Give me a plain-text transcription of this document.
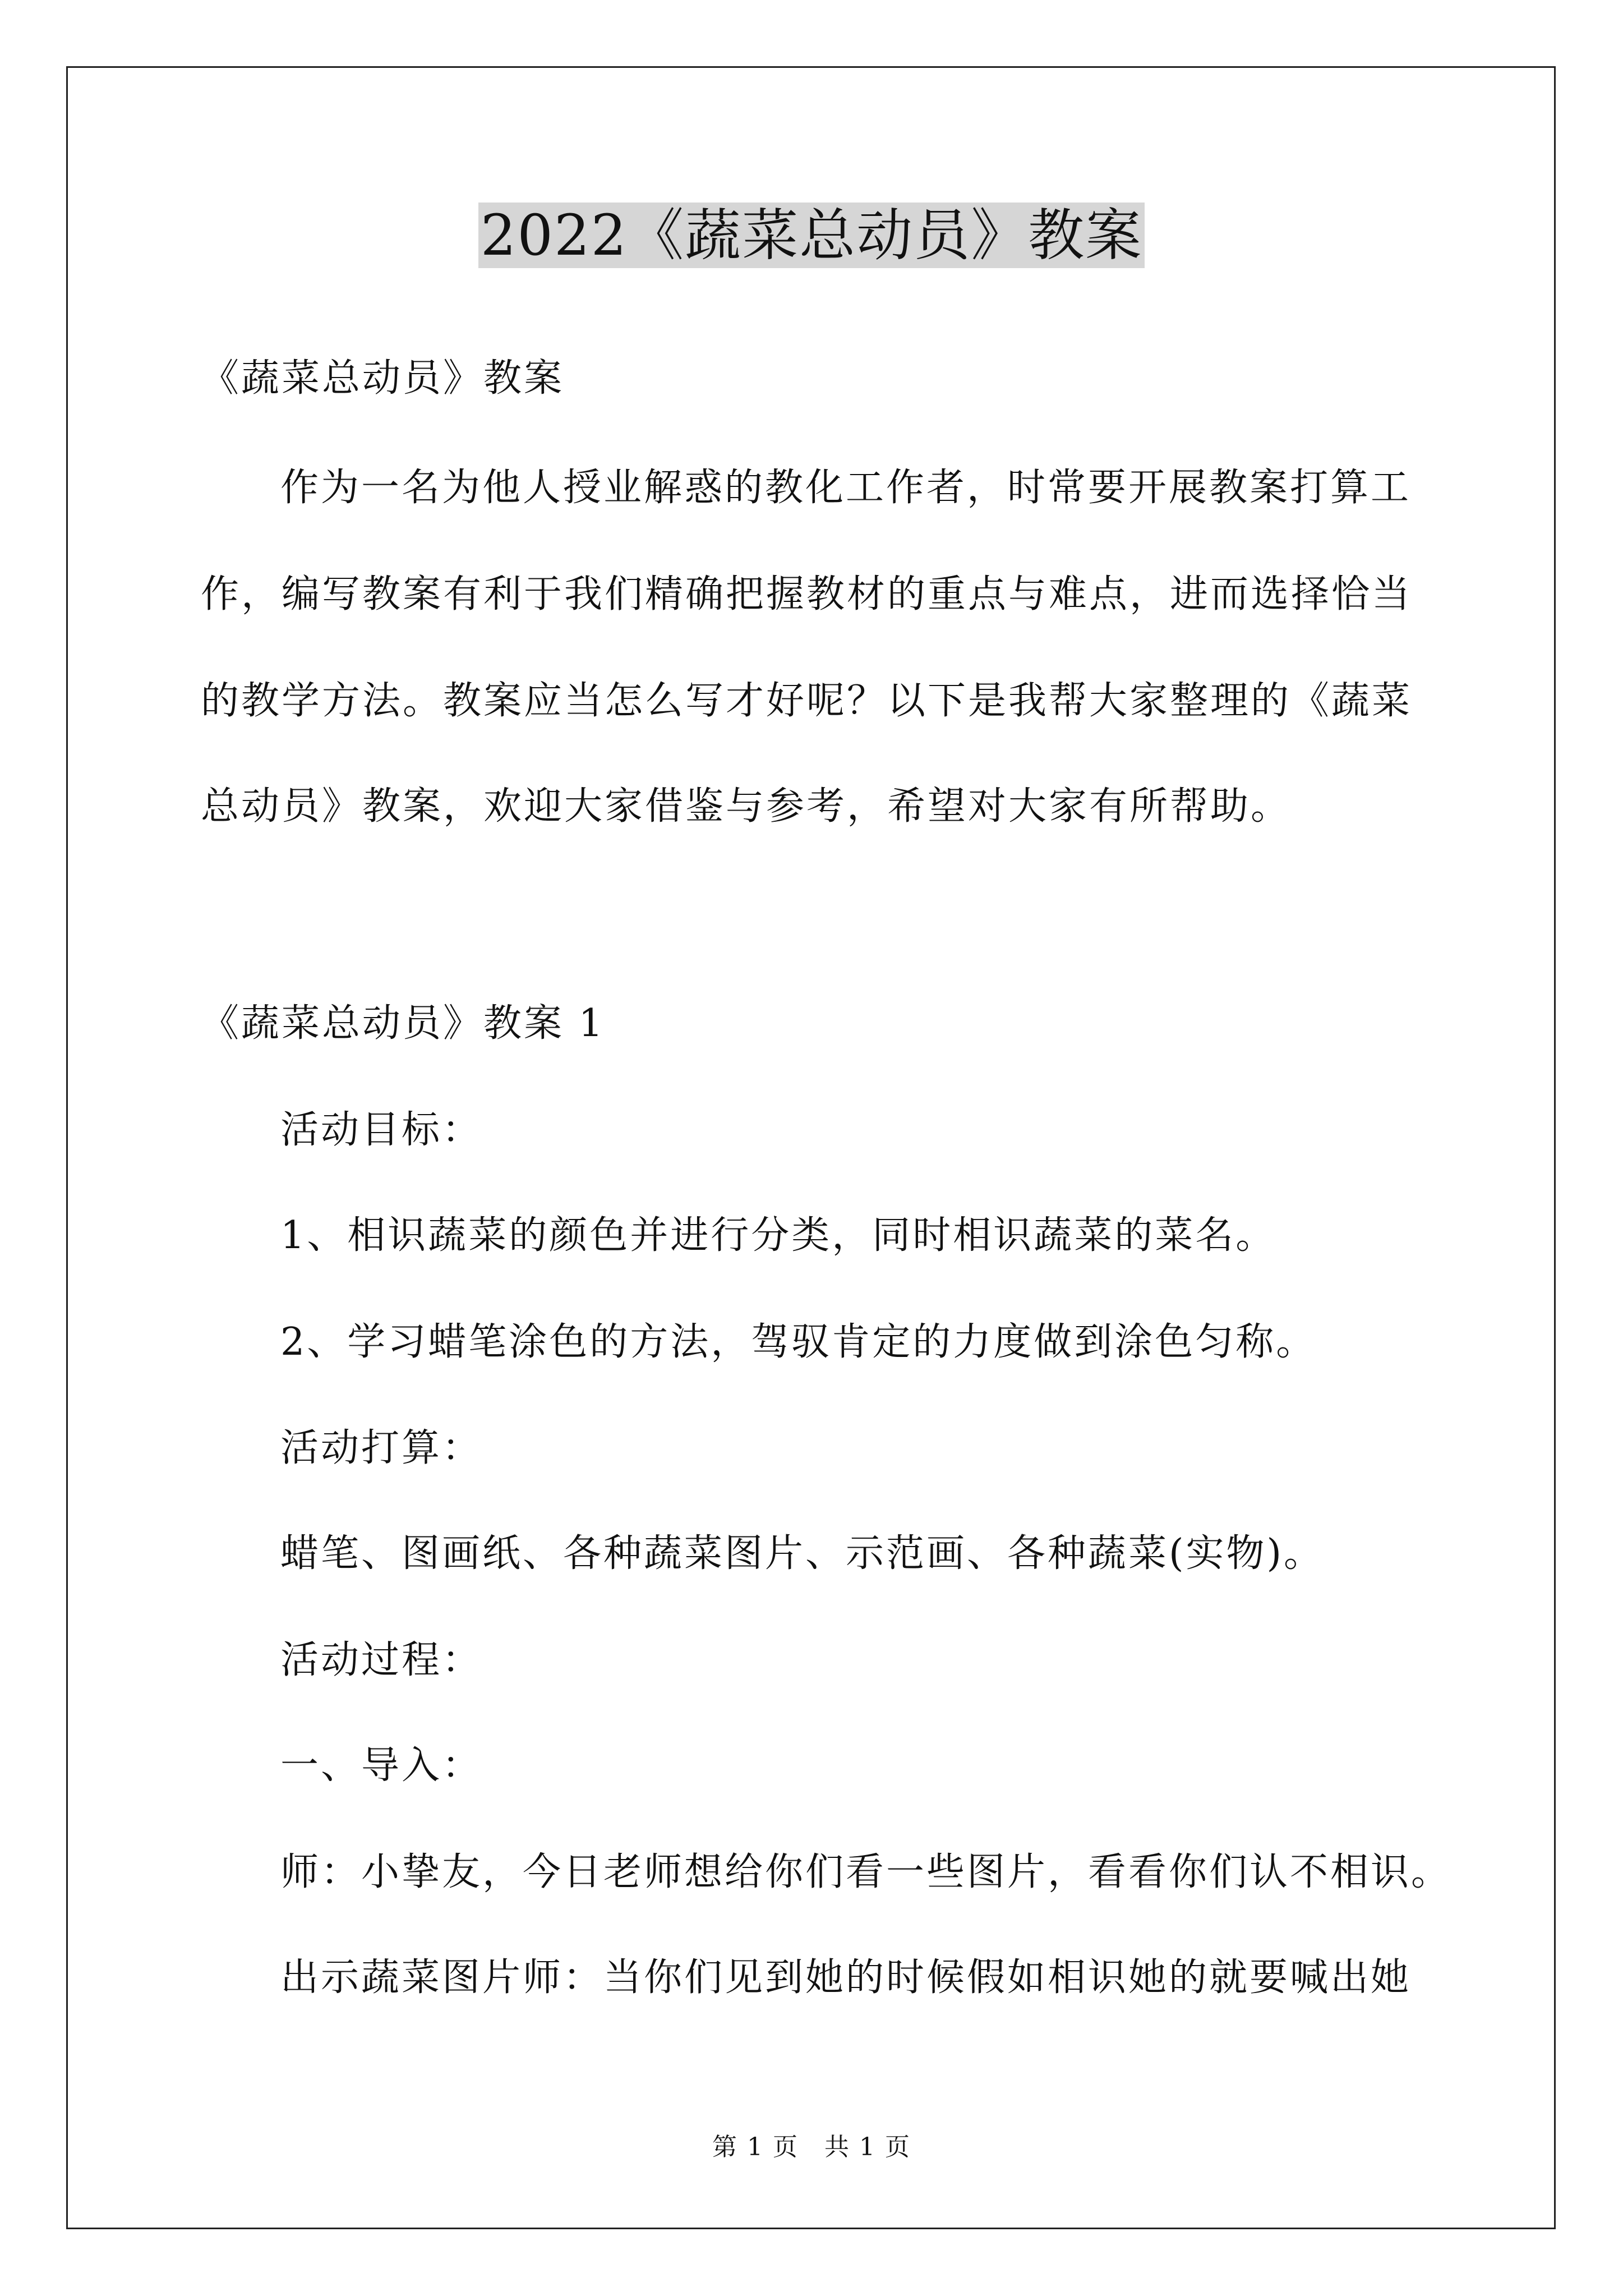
2022《蔬菜总动员》教案
《蔬菜总动员》教案
作为一名为他人授业解惑的教化工作者，时常要开展教案打算工
作，编写教案有利于我们精确把握教材的重点与难点，进而选择恰当
的教学方法。教案应当怎么写才好呢？以下是我帮大家整理的《蔬菜
总动员》教案，欢迎大家借鉴与参考，希望对大家有所帮助。
《蔬菜总动员》教案 1
活动目标：
1、相识蔬菜的颜色并进行分类，同时相识蔬菜的菜名。
2、学习蜡笔涂色的方法，驾驭肯定的力度做到涂色匀称。
活动打算：
蜡笔、图画纸、各种蔬菜图片、示范画、各种蔬菜(实物)。
活动过程：
一、导入：
师：小挚友，今日老师想给你们看一些图片，看看你们认不相识。
出示蔬菜图片师：当你们见到她的时候假如相识她的就要喊出她
第 1 页　共 1 页
